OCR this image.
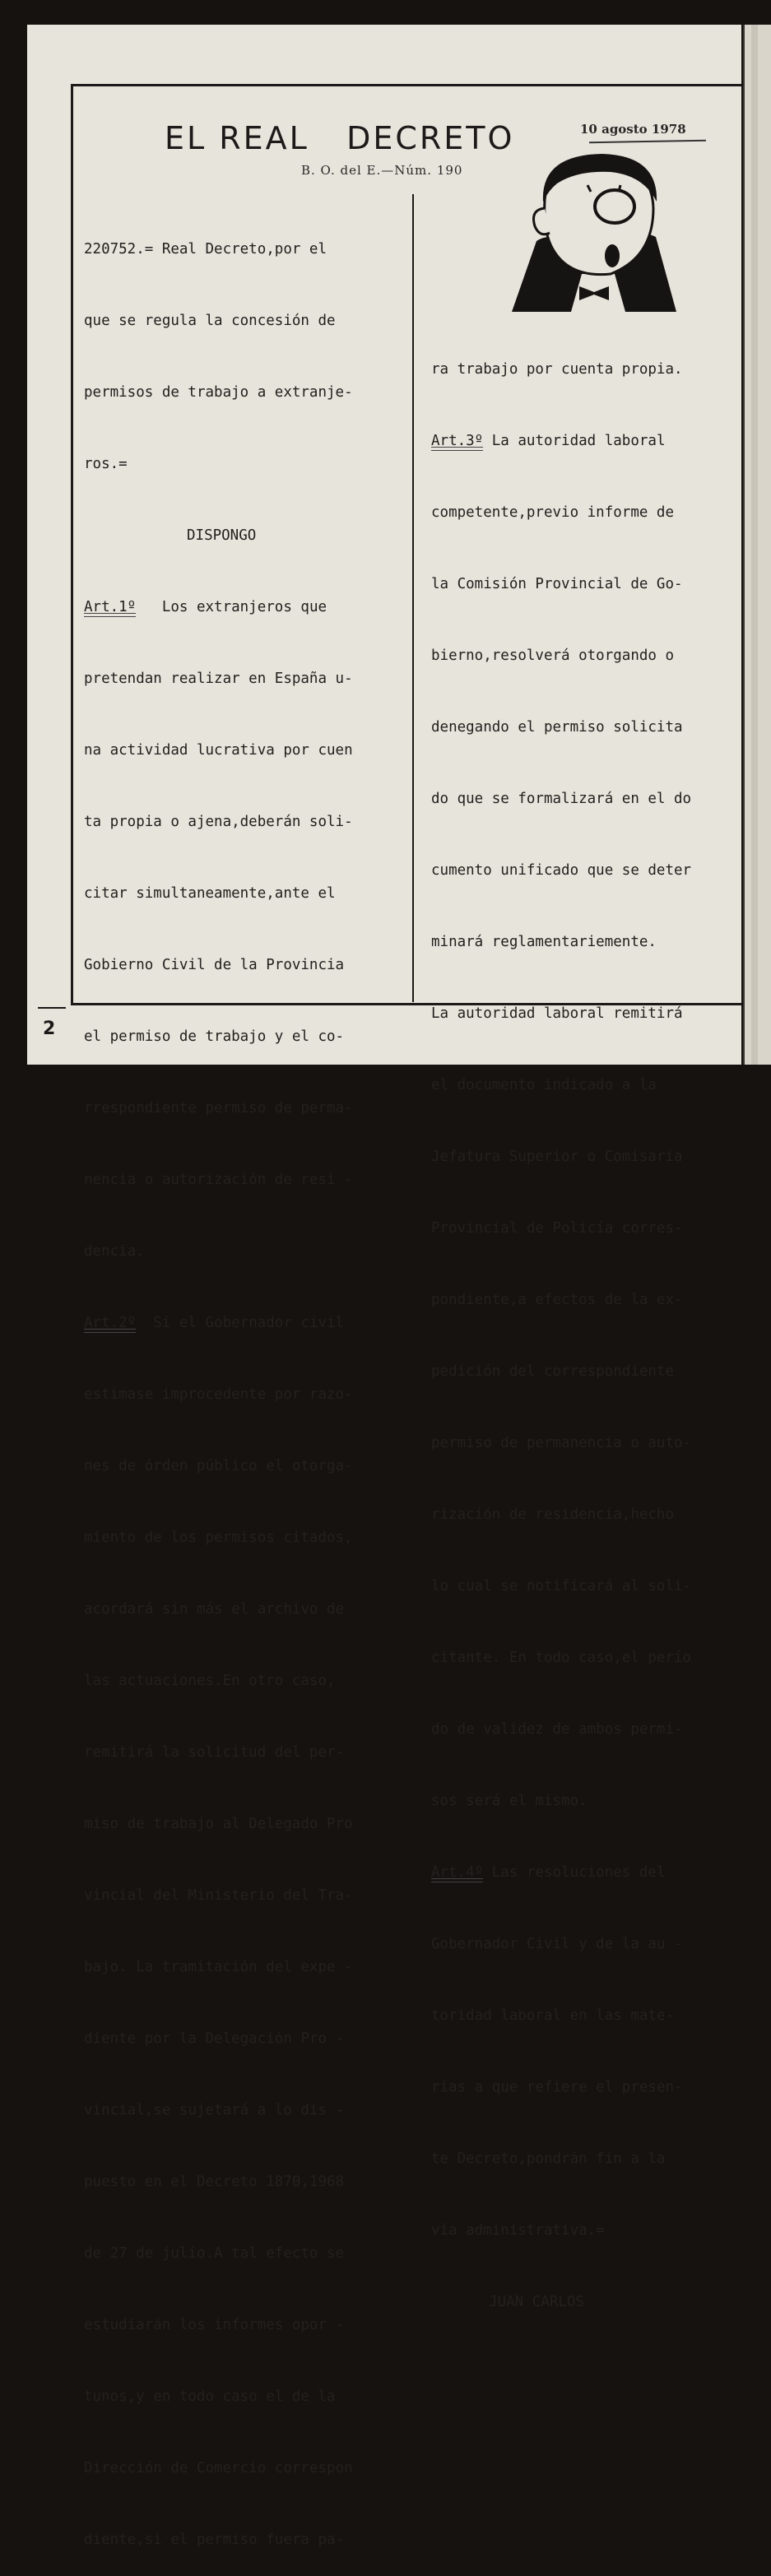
EL REAL   DECRETO	10 agosto 1978
B. O. del E.—Núm. 190

220752.= Real Decreto,por el

que se regula la concesión de

permisos de trabajo a extranje-

ros.=

DISPONGO

Art.1º Los extranjeros que

pretendan realizar en España u-

na actividad lucrativa por cuen

ta propia o ajena,deberán soli-

citar simultaneamente,ante el

Gobierno Civil de la Provincia

el permiso de trabajo y el co-

rrespondiente permiso de perma-

nencia o autorización de resi -

dencia.

Art.2º Si el Gobernador civil

estimase improcedente por razo-

nes de órden público el otorga-

miento de los permisos citados,

acordará sin más el archivo de

las actuaciones.En otro caso,

remitirá la solicitud del per-

miso de trabajo al Delegado Pro

vincial del Ministerio del Tra-

bajo. La tramitación del expe -

diente por la Delegación Pro -

vincial,se sujetará a lo dis -

puesto en el Decreto 1870,1968

de 27 de julio.A tal efecto se

estudiarán los informes opor -

tunos,y en todo caso el de la

Dirección de Comercio correspon

diente,si el permiso fuera pa-

ra trabajo por cuenta propia.

Art.3º La autoridad laboral

competente,previo informe de

la Comisión Provincial de Go-

bierno,resolverá otorgando o

denegando el permiso solicita

do que se formalizará en el do

cumento unificado que se deter

minará reglamentariemente.

La autoridad laboral remitirá

el documento indicado a la

Jefatura Superior o Comisaría

Provincial de Policía corres-

pondiente,a efectos de la ex-

pedición del correspondiente

permiso de permanencia o auto-

rización de residencia,hecho

lo cual se notificará al soli-

citante. En todo caso,el perío

do de validez de ambos permi-

sos será el mismo.

Art.4º Las resoluciones del

Gobernador Civil y de la au -

toridad laboral en las mate-

rias a que refiere el presen-

te Decreto,pondrán fin a la

vía administrativa.=

JUAN CARLOS

2
